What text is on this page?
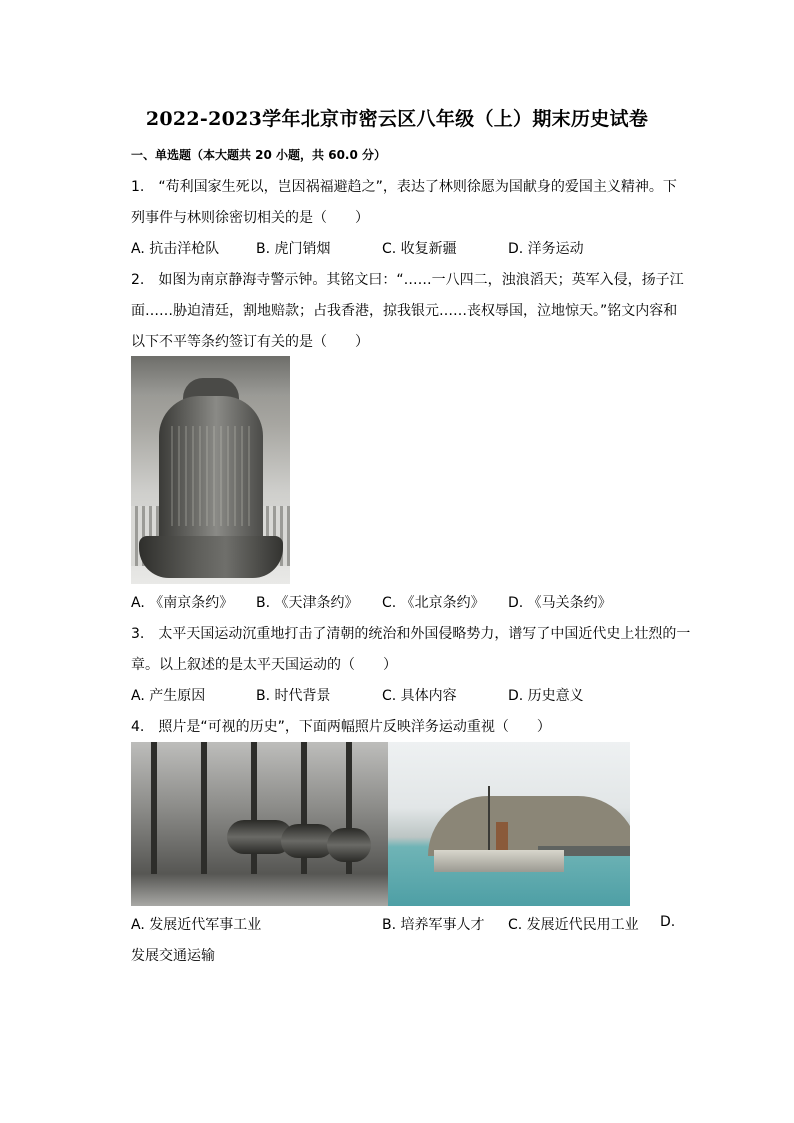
2022-2023学年北京市密云区八年级（上）期末历史试卷
一、单选题（本大题共 20 小题，共 60.0 分）
1. “苟利国家生死以，岂因祸福避趋之”，表达了林则徐愿为国献身的爱国主义精神。下
列事件与林则徐密切相关的是（　　）
A. 抗击洋枪队	B. 虎门销烟	C. 收复新疆	D. 洋务运动
2. 如图为南京静海寺警示钟。其铭文曰：“……一八四二，浊浪滔天；英军入侵，扬子江
面……胁迫清廷，割地赔款；占我香港，掠我银元……丧权辱国，泣地惊天。”铭文内容和
以下不平等条约签订有关的是（　　）
A. 《南京条约》 B. 《天津条约》 C. 《北京条约》 D. 《马关条约》
3. 太平天国运动沉重地打击了清朝的统治和外国侵略势力，谱写了中国近代史上壮烈的一
章。以上叙述的是太平天国运动的（　　）
A. 产生原因	B. 时代背景	C. 具体内容	D. 历史意义
4. 照片是“可视的历史”，下面两幅照片反映洋务运动重视（　　）
A. 发展近代军事工业	B. 培养军事人才 C. 发展近代民用工业 D.
发展交通运输
